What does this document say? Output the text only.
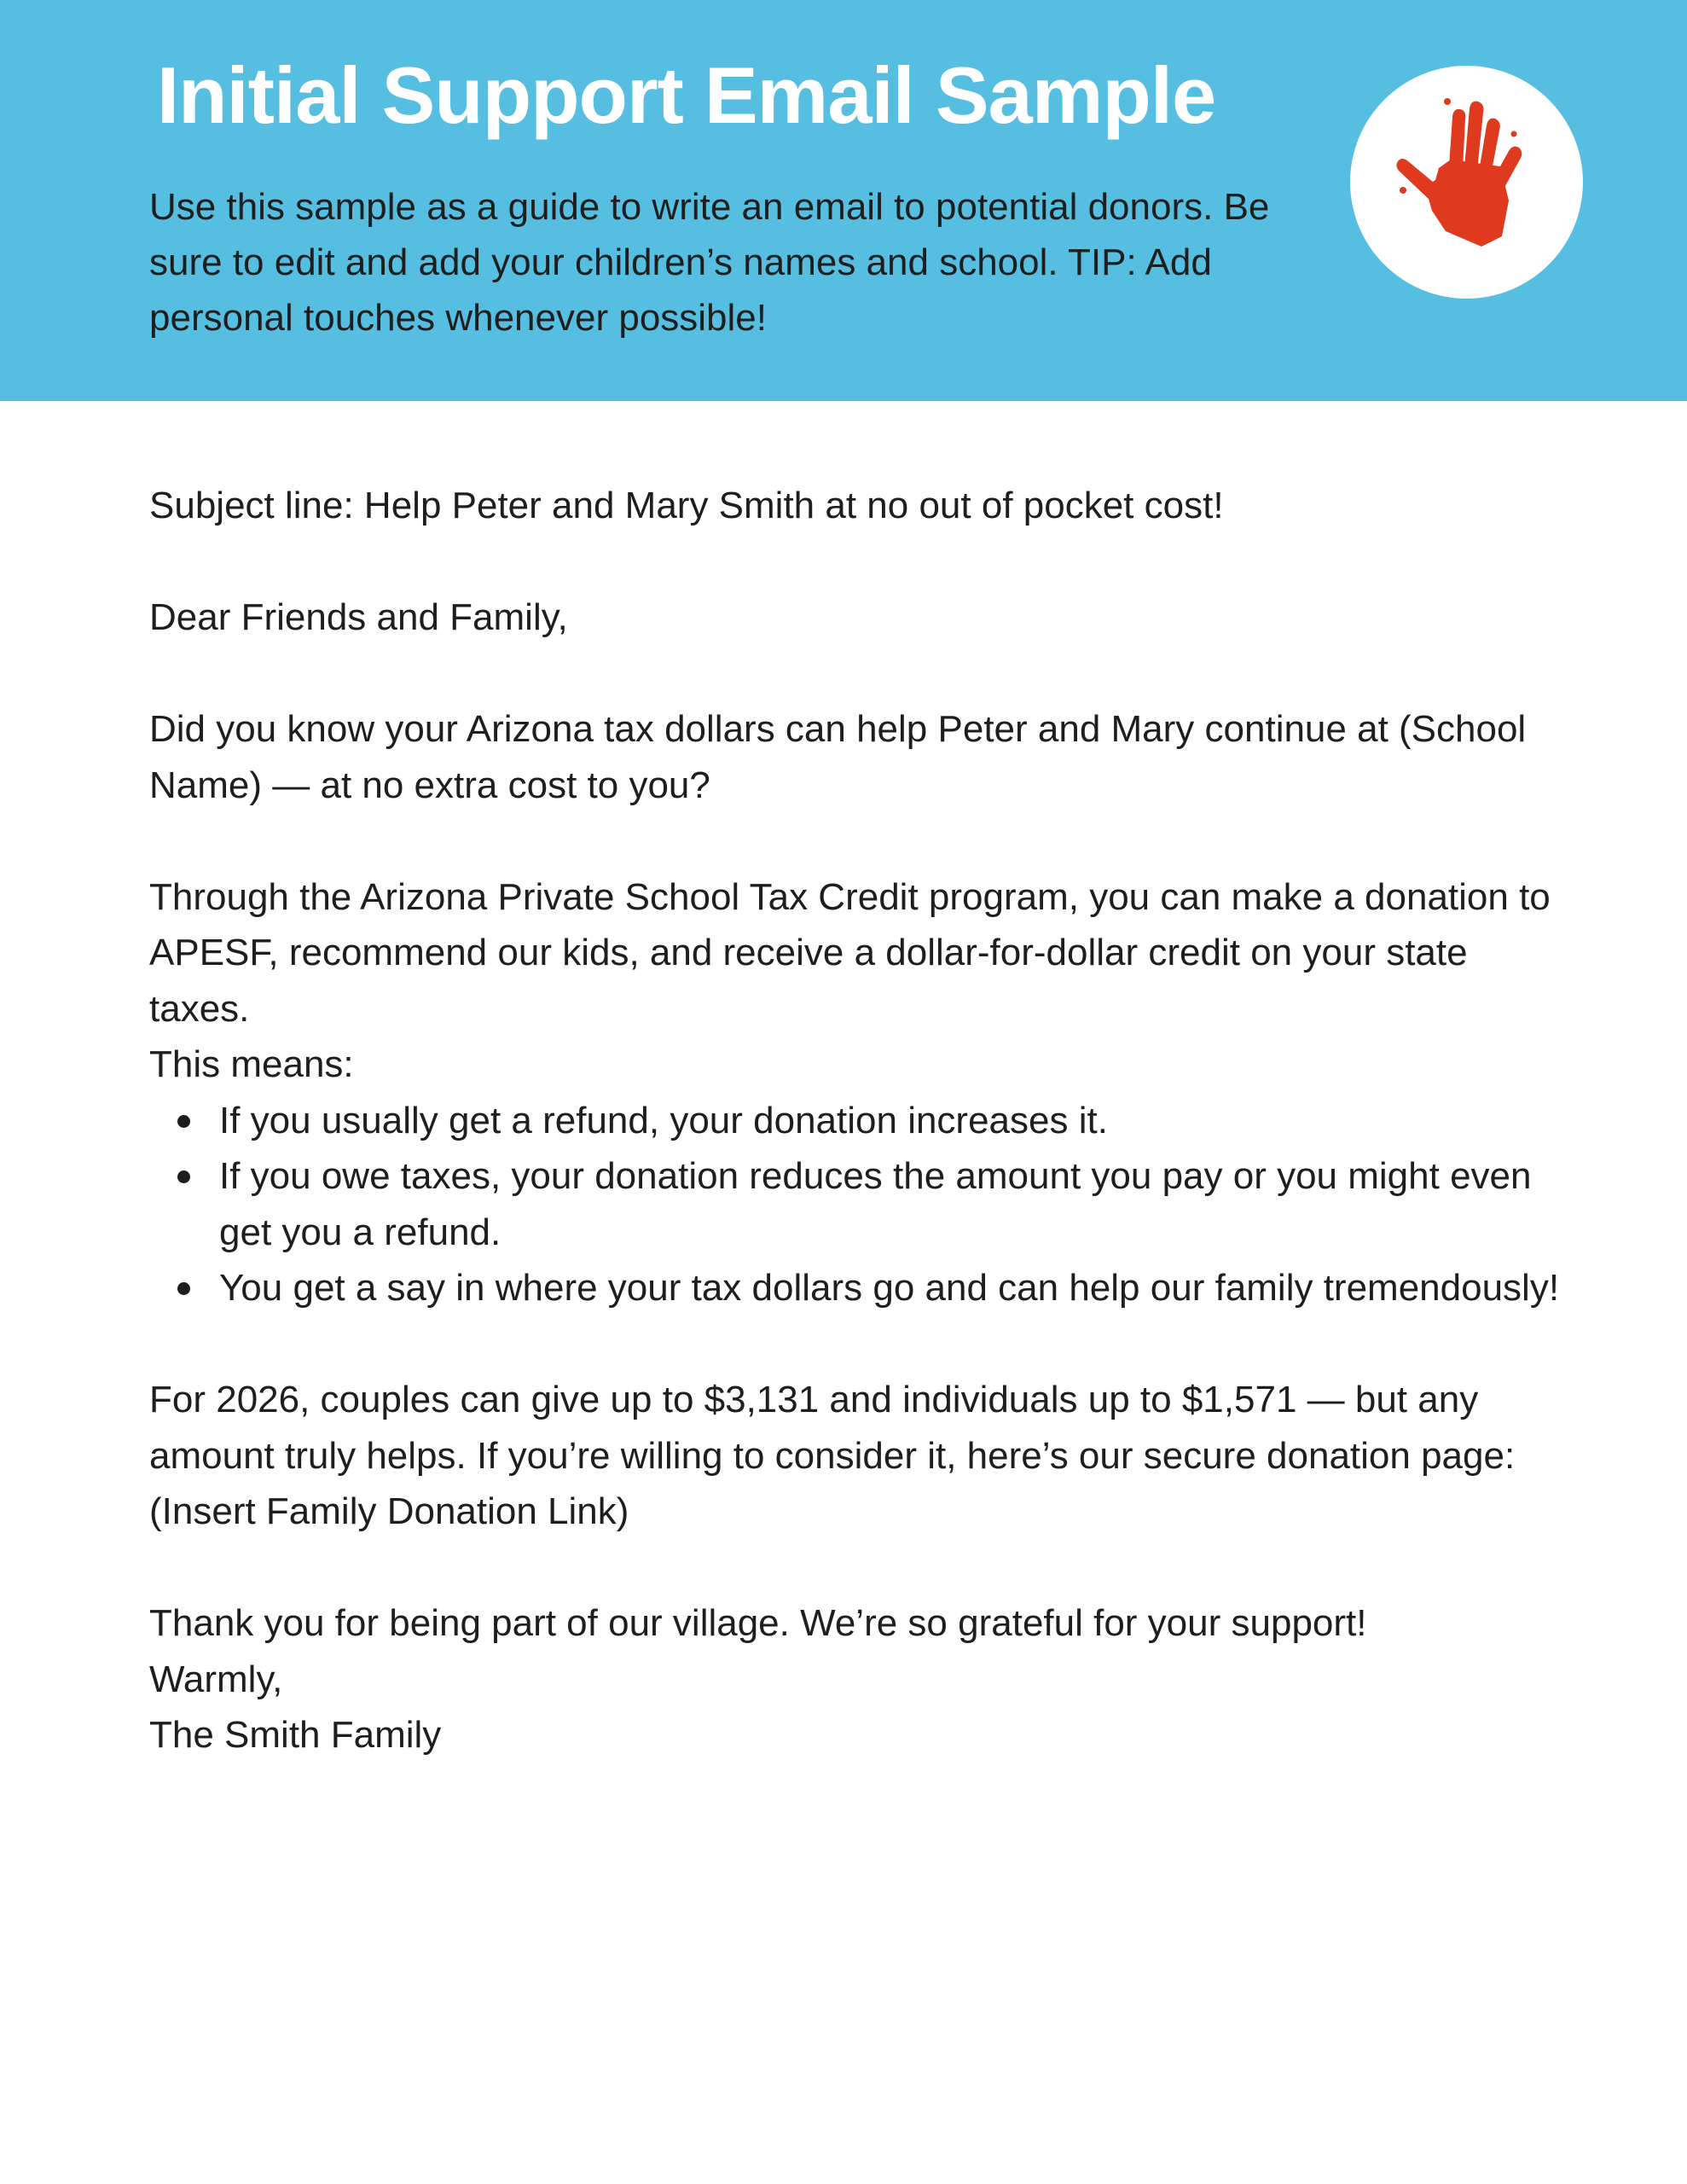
Initial Support Email Sample

Use this sample as a guide to write an email to potential donors. Be sure to edit and add your children’s names and school. TIP: Add personal touches whenever possible!

Subject line: Help Peter and Mary Smith at no out of pocket cost!

Dear Friends and Family,

Did you know your Arizona tax dollars can help Peter and Mary continue at (School Name) — at no extra cost to you?

Through the Arizona Private School Tax Credit program, you can make a donation to APESF, recommend our kids, and receive a dollar-for-dollar credit on your state taxes.

This means:

If you usually get a refund, your donation increases it.
If you owe taxes, your donation reduces the amount you pay or you might even get you a refund.
You get a say in where your tax dollars go and can help our family tremendously!

For 2026, couples can give up to $3,131 and individuals up to $1,571 — but any amount truly helps. If you’re willing to consider it, here’s our secure donation page: (Insert Family Donation Link)

Thank you for being part of our village. We’re so grateful for your support!

Warmly,

The Smith Family
